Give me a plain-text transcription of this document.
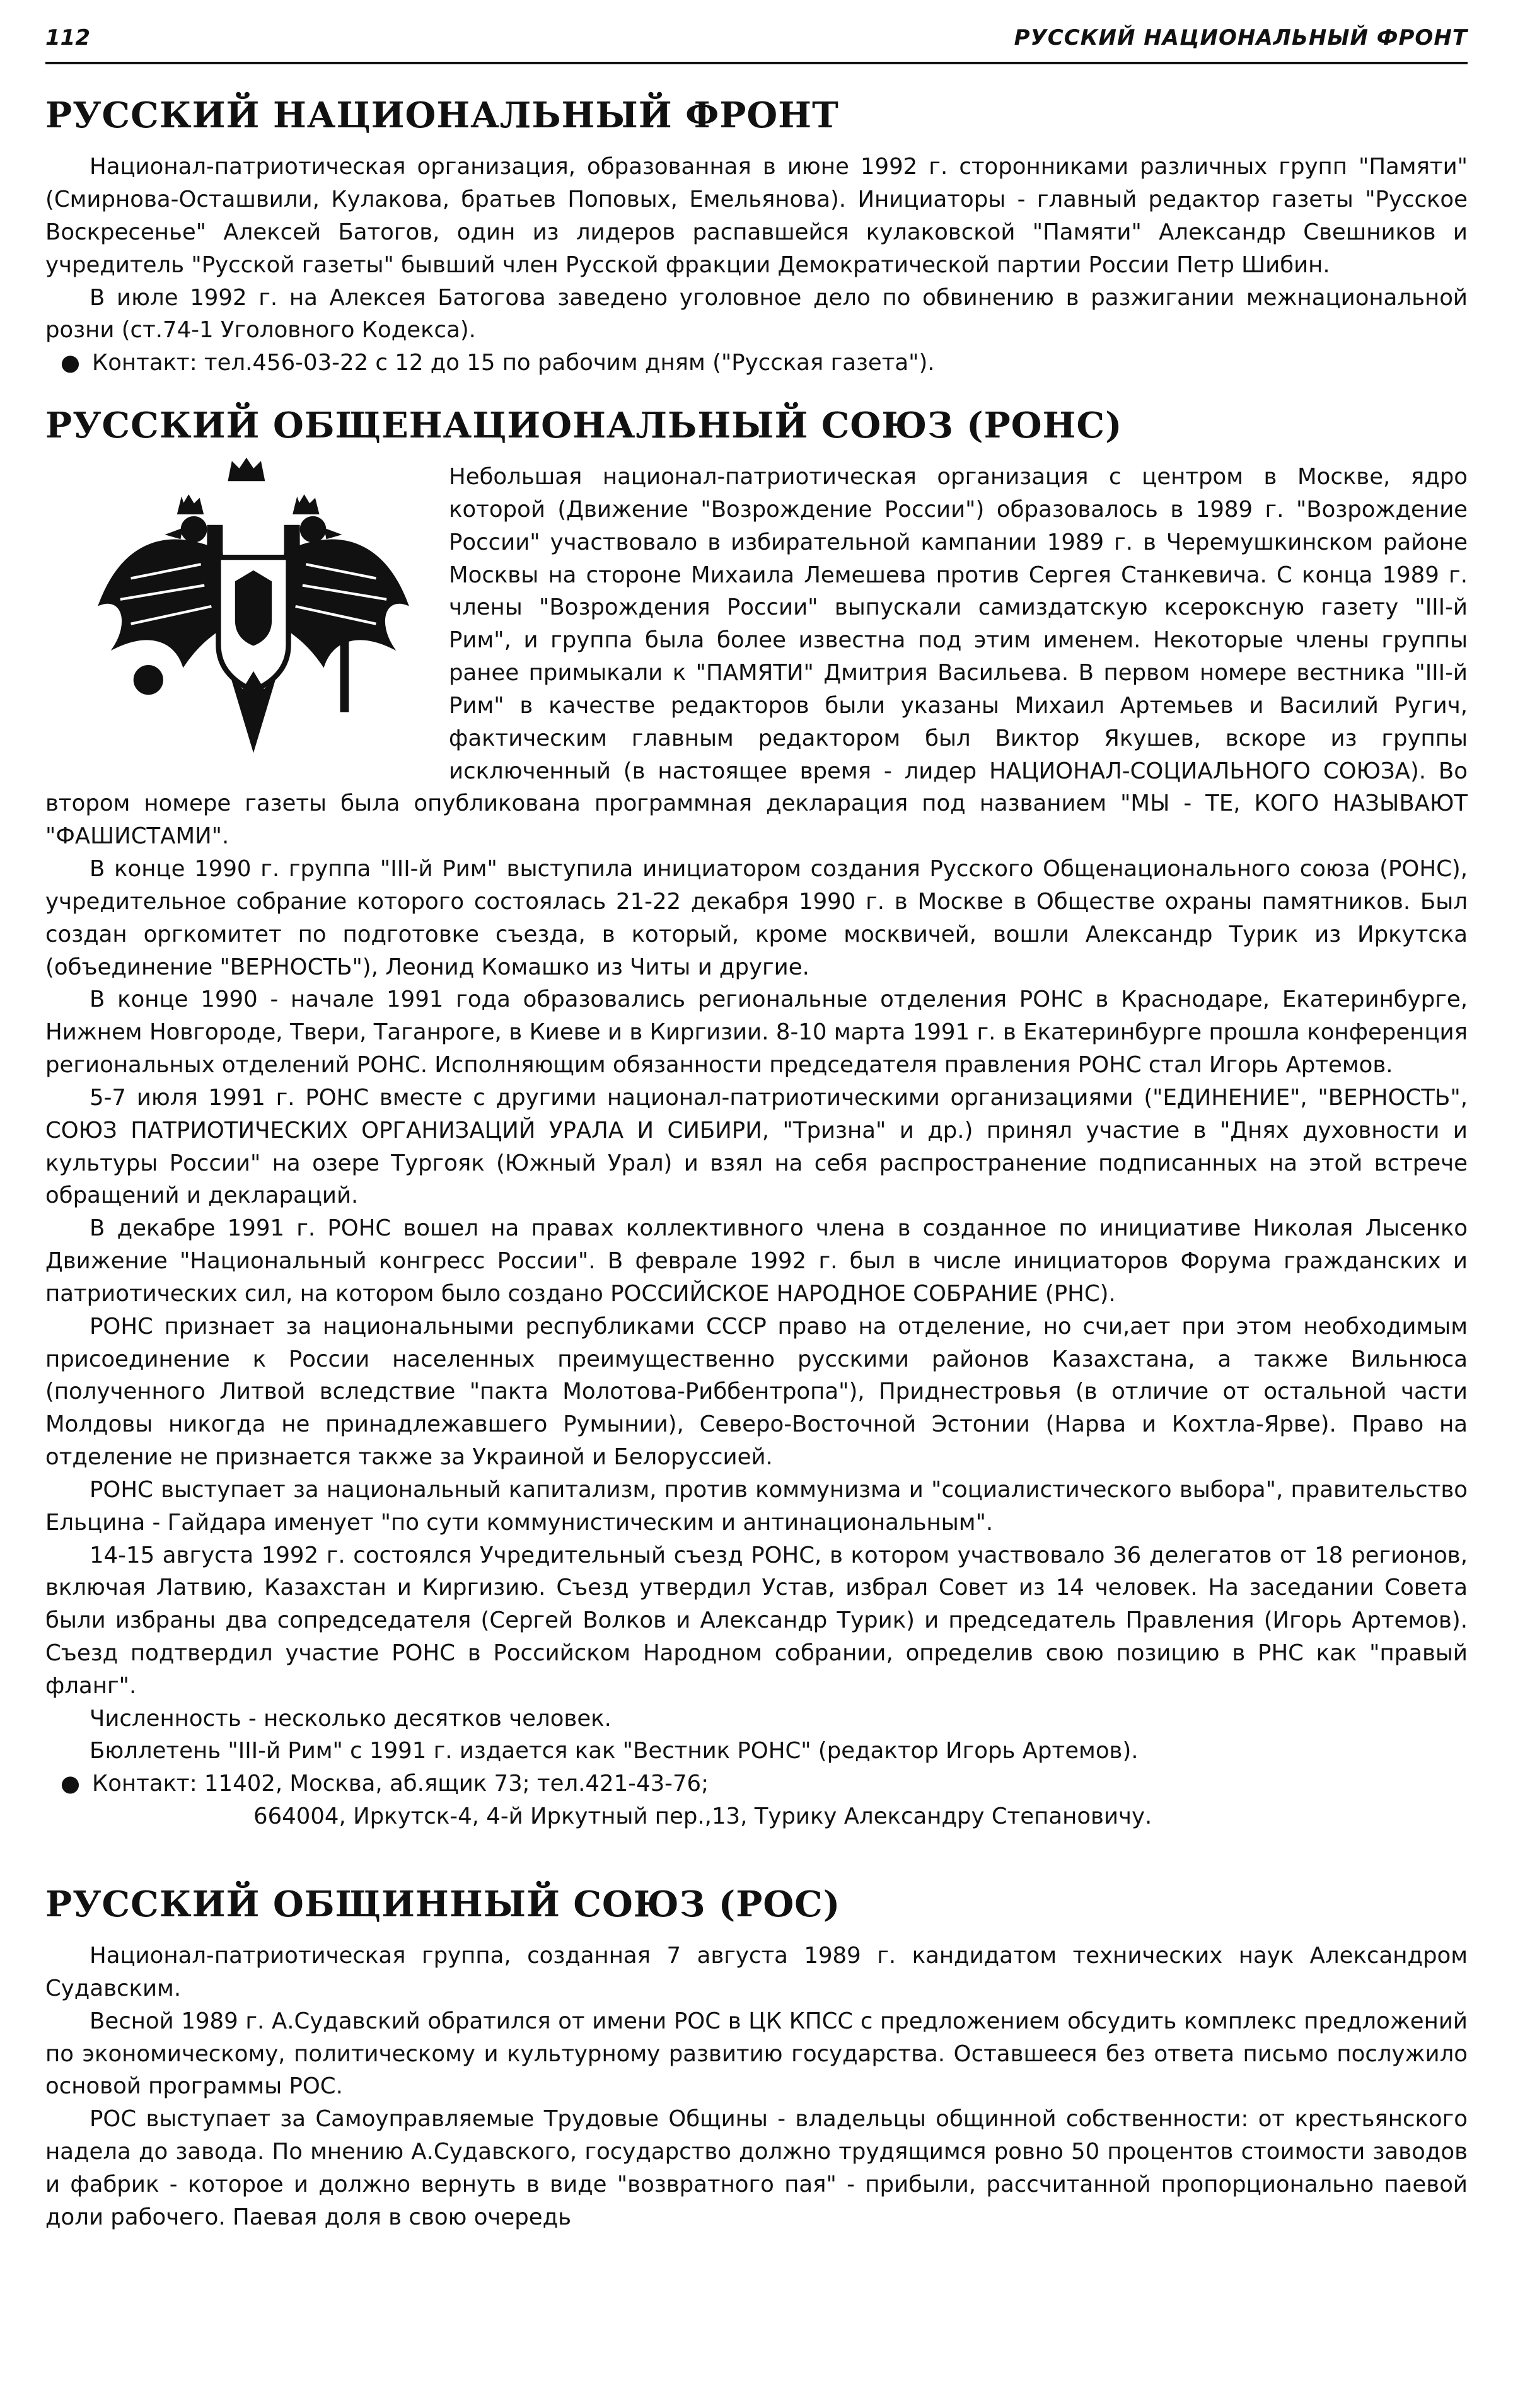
112	РУССКИЙ НАЦИОНАЛЬНЫЙ ФРОНТ
РУССКИЙ НАЦИОНАЛЬНЫЙ ФРОНТ

Национал-патриотическая организация, образованная в июне 1992 г. сторонниками различных групп "Памяти" (Смирнова-Осташвили, Кулакова, братьев Поповых, Емельянова). Инициаторы - главный редактор газеты "Русское Воскресенье" Алексей Батогов, один из лидеров распавшейся кулаковской "Памяти" Александр Свешников и учредитель "Русской газеты" бывший член Русской фракции Демократической партии России Петр Шибин.

В июле 1992 г. на Алексея Батогова заведено уголовное дело по обвинению в разжигании межнациональной розни (ст.74-1 Уголовного Кодекса).

● Контакт: тел.456-03-22 с 12 до 15 по рабочим дням ("Русская газета").

РУССКИЙ ОБЩЕНАЦИОНАЛЬНЫЙ СОЮЗ (РОНС)

Небольшая национал-патриотическая организация с центром в Москве, ядро которой (Движение "Возрождение России") образовалось в 1989 г. "Возрождение России" участвовало в избирательной кампании 1989 г. в Черемушкинском районе Москвы на стороне Михаила Лемешева против Сергея Станкевича. С конца 1989 г. члены "Возрождения России" выпускали самиздатскую ксероксную газету "III-й Рим", и группа была более известна под этим именем. Некоторые члены группы ранее примыкали к "ПАМЯТИ" Дмитрия Васильева. В первом номере вестника "III-й Рим" в качестве редакторов были указаны Михаил Артемьев и Василий Ругич, фактическим главным редактором был Виктор Якушев, вскоре из группы исключенный (в настоящее время - лидер НАЦИОНАЛ-СОЦИАЛЬНОГО СОЮЗА). Во втором номере газеты была опубликована программная декларация под названием "МЫ - ТЕ, КОГО НАЗЫВАЮТ "ФАШИСТАМИ".

В конце 1990 г. группа "III-й Рим" выступила инициатором создания Русского Общенационального союза (РОНС), учредительное собрание которого состоялась 21-22 декабря 1990 г. в Москве в Обществе охраны памятников. Был создан оргкомитет по подготовке съезда, в который, кроме москвичей, вошли Александр Турик из Иркутска (объединение "ВЕРНОСТЬ"), Леонид Комашко из Читы и другие.

В конце 1990 - начале 1991 года образовались региональные отделения РОНС в Краснодаре, Екатеринбурге, Нижнем Новгороде, Твери, Таганроге, в Киеве и в Киргизии. 8-10 марта 1991 г. в Екатеринбурге прошла конференция региональных отделений РОНС. Исполняющим обязанности председателя правления РОНС стал Игорь Артемов.

5-7 июля 1991 г. РОНС вместе с другими национал-патриотическими организациями ("ЕДИНЕНИЕ", "ВЕРНОСТЬ", СОЮЗ ПАТРИОТИЧЕСКИХ ОРГАНИЗАЦИЙ УРАЛА И СИБИРИ, "Тризна" и др.) принял участие в "Днях духовности и культуры России" на озере Тургояк (Южный Урал) и взял на себя распространение подписанных на этой встрече обращений и деклараций.

В декабре 1991 г. РОНС вошел на правах коллективного члена в созданное по инициативе Николая Лысенко Движение "Национальный конгресс России". В феврале 1992 г. был в числе инициаторов Форума гражданских и патриотических сил, на котором было создано РОССИЙСКОЕ НАРОДНОЕ СОБРАНИЕ (РНС).

РОНС признает за национальными республиками СССР право на отделение, но счи,ает при этом необходимым присоединение к России населенных преимущественно русскими районов Казахстана, а также Вильнюса (полученного Литвой вследствие "пакта Молотова-Риббентропа"), Приднестровья (в отличие от остальной части Молдовы никогда не принадлежавшего Румынии), Северо-Восточной Эстонии (Нарва и Кохтла-Ярве). Право на отделение не признается также за Украиной и Белоруссией.

РОНС выступает за национальный капитализм, против коммунизма и "социалистического выбора", правительство Ельцина - Гайдара именует "по сути коммунистическим и антинациональным".

14-15 августа 1992 г. состоялся Учредительный съезд РОНС, в котором участвовало 36 делегатов от 18 регионов, включая Латвию, Казахстан и Киргизию. Съезд утвердил Устав, избрал Совет из 14 человек. На заседании Совета были избраны два сопредседателя (Сергей Волков и Александр Турик) и председатель Правления (Игорь Артемов). Съезд подтвердил участие РОНС в Российском Народном собрании, определив свою позицию в РНС как "правый фланг".

Численность - несколько десятков человек.

Бюллетень "III-й Рим" с 1991 г. издается как "Вестник РОНС" (редактор Игорь Артемов).

● Контакт: 11402, Москва, аб.ящик 73; тел.421-43-76;

664004, Иркутск-4, 4-й Иркутный пер.,13, Турику Александру Степановичу.

РУССКИЙ ОБЩИННЫЙ СОЮЗ (РОС)

Национал-патриотическая группа, созданная 7 августа 1989 г. кандидатом технических наук Александром Судавским.

Весной 1989 г. А.Судавский обратился от имени РОС в ЦК КПСС с предложением обсудить комплекс предложений по экономическому, политическому и культурному развитию государства. Оставшееся без ответа письмо послужило основой программы РОС.

РОС выступает за Самоуправляемые Трудовые Общины - владельцы общинной собственности: от крестьянского надела до завода. По мнению А.Судавского, государство должно трудящимся ровно 50 процентов стоимости заводов и фабрик - которое и должно вернуть в виде "возвратного пая" - прибыли, рассчитанной пропорционально паевой доли рабочего. Паевая доля в свою очередь
